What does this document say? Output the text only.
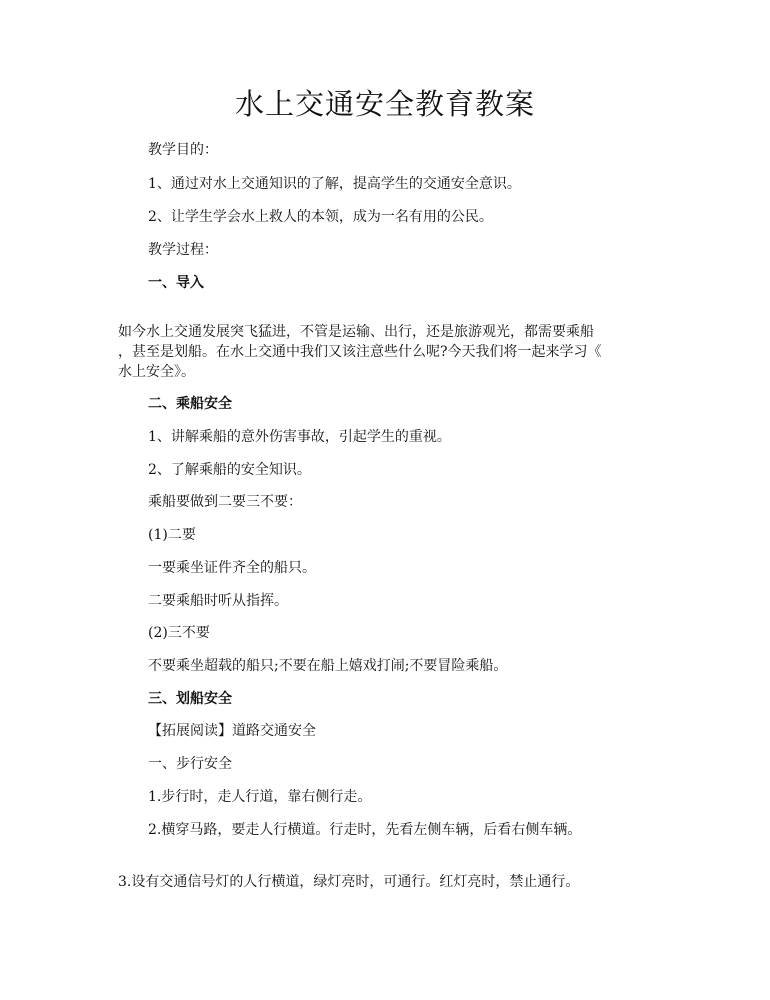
水上交通安全教育教案

教学目的：

1、通过对水上交通知识的了解，提高学生的交通安全意识。

2、让学生学会水上救人的本领，成为一名有用的公民。

教学过程：

一、导入

如今水上交通发展突飞猛进，不管是运输、出行，还是旅游观光，都需要乘船
，甚至是划船。在水上交通中我们又该注意些什么呢?今天我们将一起来学习《
水上安全》。

二、乘船安全

1、讲解乘船的意外伤害事故，引起学生的重视。

2、了解乘船的安全知识。

乘船要做到二要三不要：

(1)二要

一要乘坐证件齐全的船只。

二要乘船时听从指挥。

(2)三不要

不要乘坐超载的船只;不要在船上嬉戏打闹;不要冒险乘船。

三、划船安全

【拓展阅读】道路交通安全

一、步行安全

1.步行时，走人行道，靠右侧行走。

2.横穿马路，要走人行横道。行走时，先看左侧车辆，后看右侧车辆。

3.设有交通信号灯的人行横道，绿灯亮时，可通行。红灯亮时，禁止通行。
